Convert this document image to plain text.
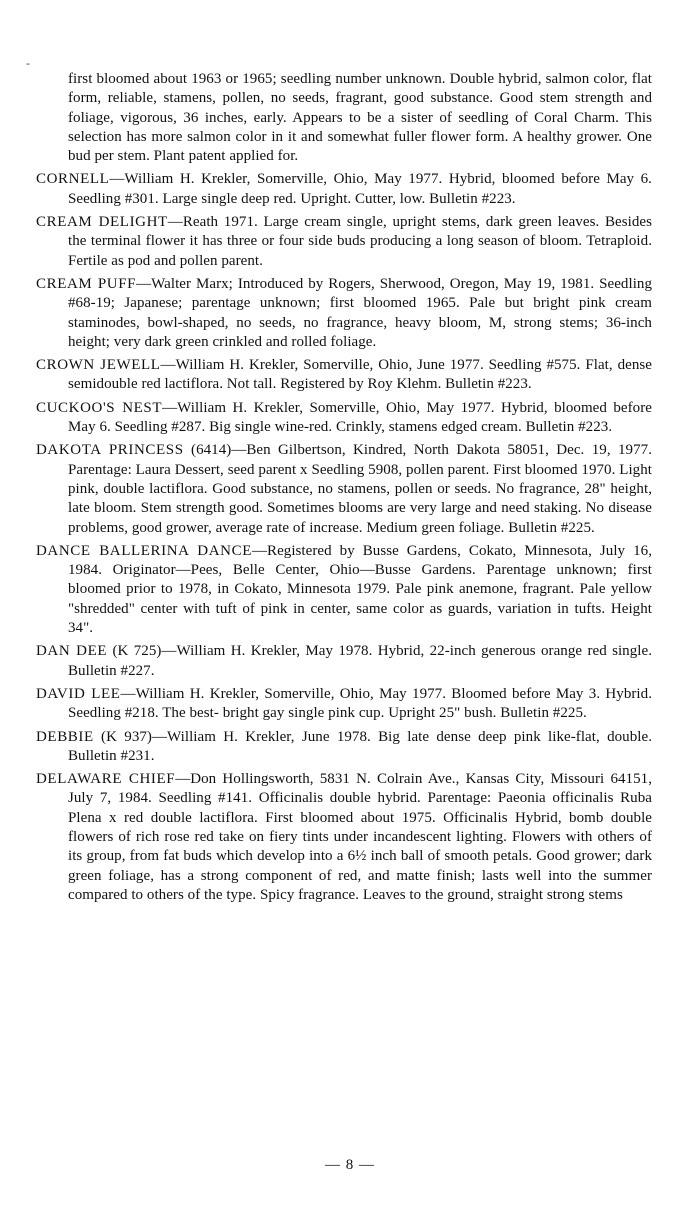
-

first bloomed about 1963 or 1965; seedling number unknown. Double hybrid, salmon color, flat form, reliable, stamens, pollen, no seeds, fragrant, good substance. Good stem strength and foliage, vigorous, 36 inches, early. Appears to be a sister of seedling of Coral Charm. This selection has more salmon color in it and somewhat fuller flower form. A healthy grower. One bud per stem. Plant patent applied for.

CORNELL—William H. Krekler, Somerville, Ohio, May 1977. Hybrid, bloomed before May 6. Seedling #301. Large single deep red. Upright. Cutter, low. Bulletin #223.

CREAM DELIGHT—Reath 1971. Large cream single, upright stems, dark green leaves. Besides the terminal flower it has three or four side buds producing a long season of bloom. Tetraploid. Fertile as pod and pollen parent.

CREAM PUFF—Walter Marx; Introduced by Rogers, Sherwood, Oregon, May 19, 1981. Seedling #68-19; Japanese; parentage unknown; first bloomed 1965. Pale but bright pink cream staminodes, bowl-shaped, no seeds, no fragrance, heavy bloom, M, strong stems; 36-inch height; very dark green crinkled and rolled foliage.

CROWN JEWELL—William H. Krekler, Somerville, Ohio, June 1977. Seedling #575. Flat, dense semidouble red lactiflora. Not tall. Registered by Roy Klehm. Bulletin #223.

CUCKOO'S NEST—William H. Krekler, Somerville, Ohio, May 1977. Hybrid, bloomed before May 6. Seedling #287. Big single wine-red. Crinkly, stamens edged cream. Bulletin #223.

DAKOTA PRINCESS (6414)—Ben Gilbertson, Kindred, North Dakota 58051, Dec. 19, 1977. Parentage: Laura Dessert, seed parent x Seedling 5908, pollen parent. First bloomed 1970. Light pink, double lactiflora. Good substance, no stamens, pollen or seeds. No fragrance, 28" height, late bloom. Stem strength good. Sometimes blooms are very large and need staking. No disease problems, good grower, average rate of increase. Medium green foliage. Bulletin #225.

DANCE BALLERINA DANCE—Registered by Busse Gardens, Cokato, Minnesota, July 16, 1984. Originator—Pees, Belle Center, Ohio—Busse Gardens. Parentage unknown; first bloomed prior to 1978, in Cokato, Minnesota 1979. Pale pink anemone, fragrant. Pale yellow "shredded" center with tuft of pink in center, same color as guards, variation in tufts. Height 34".

DAN DEE (K 725)—William H. Krekler, May 1978. Hybrid, 22-inch generous orange red single. Bulletin #227.

DAVID LEE—William H. Krekler, Somerville, Ohio, May 1977. Bloomed before May 3. Hybrid. Seedling #218. The best- bright gay single pink cup. Upright 25" bush. Bulletin #225.

DEBBIE (K 937)—William H. Krekler, June 1978. Big late dense deep pink like-flat, double. Bulletin #231.

DELAWARE CHIEF—Don Hollingsworth, 5831 N. Colrain Ave., Kansas City, Missouri 64151, July 7, 1984. Seedling #141. Officinalis double hybrid. Parentage: Paeonia officinalis Ruba Plena x red double lactiflora. First bloomed about 1975. Officinalis Hybrid, bomb double flowers of rich rose red take on fiery tints under incandescent lighting. Flowers with others of its group, from fat buds which develop into a 6½ inch ball of smooth petals. Good grower; dark green foliage, has a strong component of red, and matte finish; lasts well into the summer compared to others of the type. Spicy fragrance. Leaves to the ground, straight strong stems

— 8 —
